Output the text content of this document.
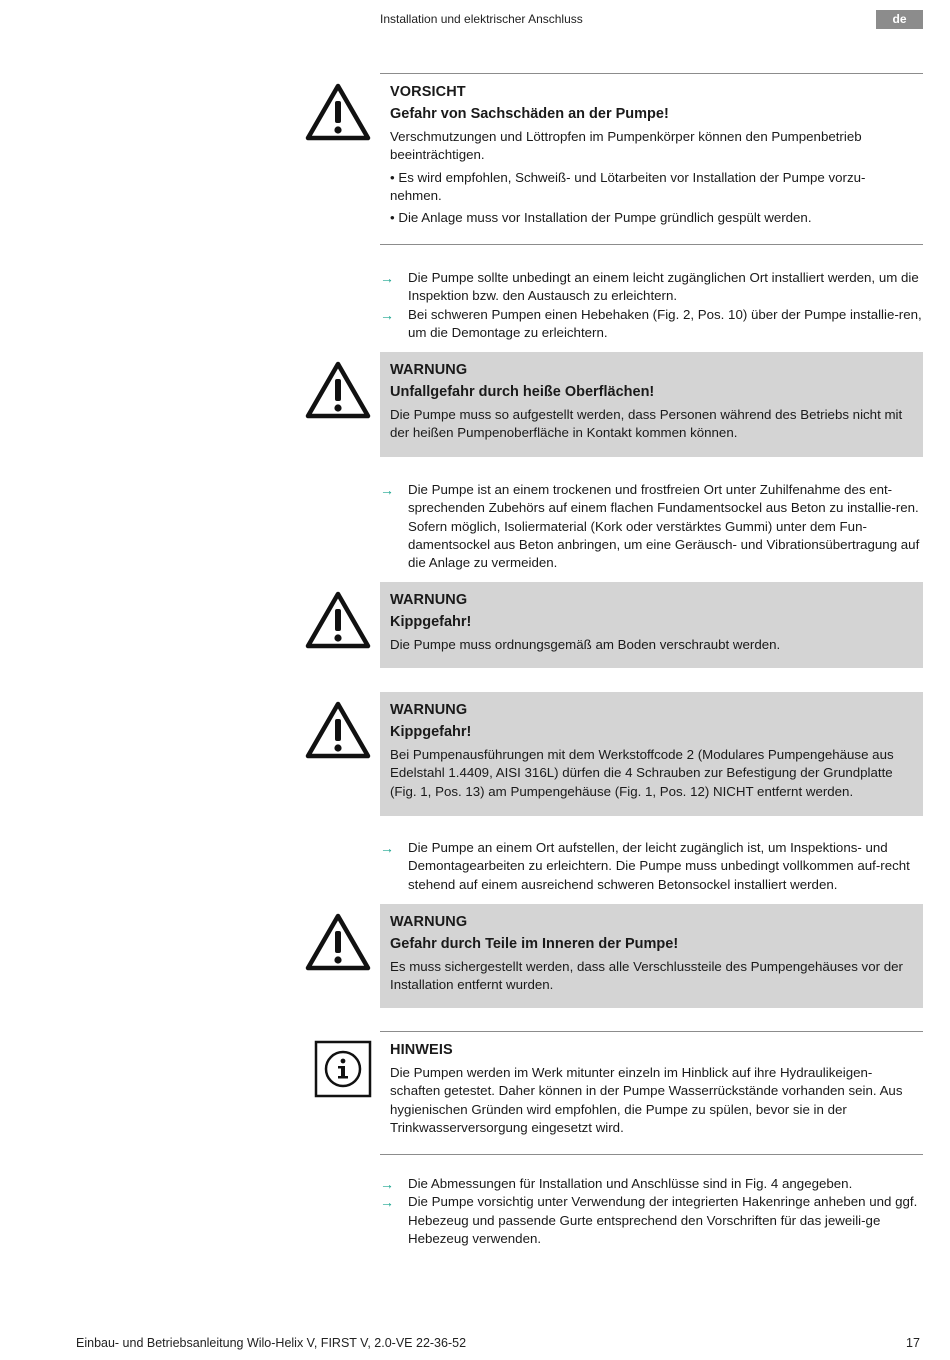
Installation und elektrischer Anschluss	de
VORSICHT
Gefahr von Sachschäden an der Pumpe!

Verschmutzungen und Löttropfen im Pumpenkörper können den Pumpenbetrieb beeinträchtigen.

• Es wird empfohlen, Schweiß- und Lötarbeiten vor Installation der Pumpe vorzu-nehmen.

• Die Anlage muss vor Installation der Pumpe gründlich gespült werden.

→ Die Pumpe sollte unbedingt an einem leicht zugänglichen Ort installiert werden, um die Inspektion bzw. den Austausch zu erleichtern.
→ Bei schweren Pumpen einen Hebehaken (Fig. 2, Pos. 10) über der Pumpe installie-ren, um die Demontage zu erleichtern.
WARNUNG
Unfallgefahr durch heiße Oberflächen!

Die Pumpe muss so aufgestellt werden, dass Personen während des Betriebs nicht mit der heißen Pumpenoberfläche in Kontakt kommen können.

→ Die Pumpe ist an einem trockenen und frostfreien Ort unter Zuhilfenahme des ent-sprechenden Zubehörs auf einem flachen Fundamentsockel aus Beton zu installie-ren. Sofern möglich, Isoliermaterial (Kork oder verstärktes Gummi) unter dem Fun-damentsockel aus Beton anbringen, um eine Geräusch- und Vibrationsübertragung auf die Anlage zu vermeiden.
WARNUNG
Kippgefahr!

Die Pumpe muss ordnungsgemäß am Boden verschraubt werden.

WARNUNG
Kippgefahr!

Bei Pumpenausführungen mit dem Werkstoffcode 2 (Modulares Pumpengehäuse aus Edelstahl 1.4409, AISI 316L) dürfen die 4 Schrauben zur Befestigung der Grundplatte (Fig. 1, Pos. 13) am Pumpengehäuse (Fig. 1, Pos. 12) NICHT entfernt werden.

→ Die Pumpe an einem Ort aufstellen, der leicht zugänglich ist, um Inspektions- und Demontagearbeiten zu erleichtern. Die Pumpe muss unbedingt vollkommen auf-recht stehend auf einem ausreichend schweren Betonsockel installiert werden.
WARNUNG
Gefahr durch Teile im Inneren der Pumpe!

Es muss sichergestellt werden, dass alle Verschlussteile des Pumpengehäuses vor der Installation entfernt wurden.

HINWEIS

Die Pumpen werden im Werk mitunter einzeln im Hinblick auf ihre Hydraulikeigen-schaften getestet. Daher können in der Pumpe Wasserrückstände vorhanden sein. Aus hygienischen Gründen wird empfohlen, die Pumpe zu spülen, bevor sie in der Trinkwasserversorgung eingesetzt wird.

→ Die Abmessungen für Installation und Anschlüsse sind in Fig. 4 angegeben.
→ Die Pumpe vorsichtig unter Verwendung der integrierten Hakenringe anheben und ggf. Hebezeug und passende Gurte entsprechend den Vorschriften für das jeweili-ge Hebezeug verwenden.
Einbau- und Betriebsanleitung Wilo-Helix V, FIRST V, 2.0-VE 22-36-52	17
